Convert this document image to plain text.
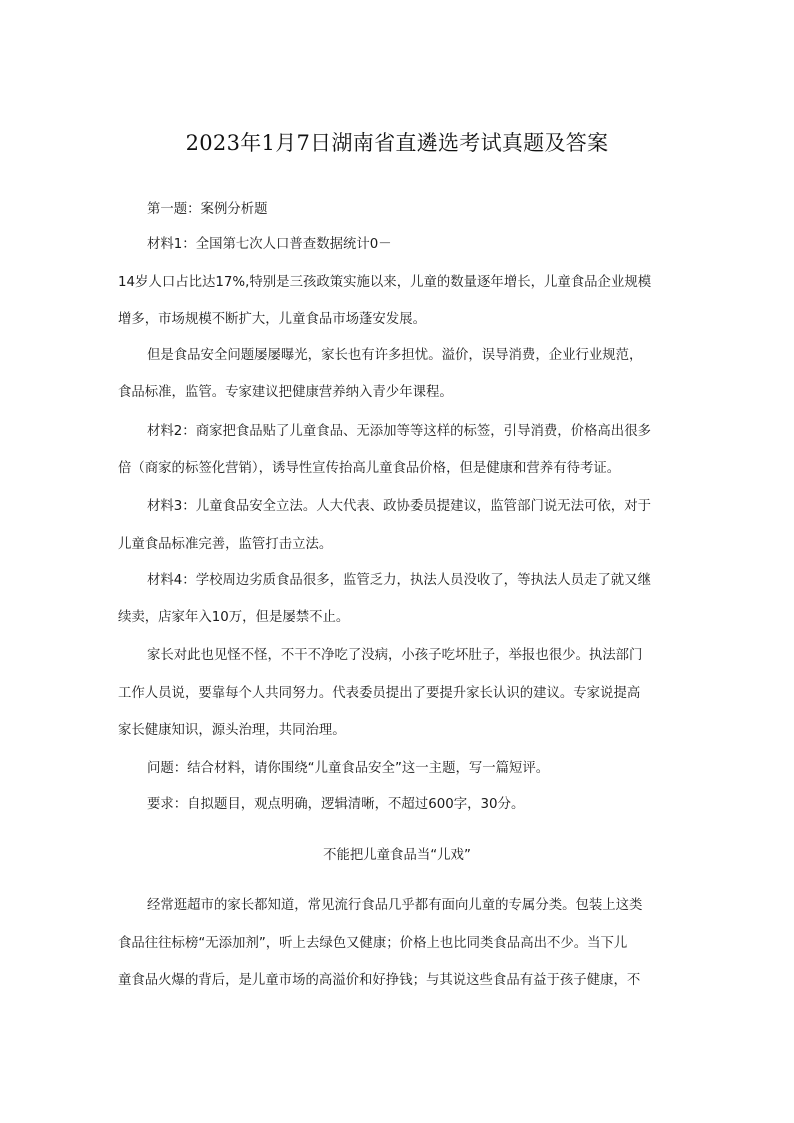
2023年1月7日湖南省直遴选考试真题及答案
第一题：案例分析题
材料1：全国第七次人口普查数据统计0－
14岁人口占比达17%,特别是三孩政策实施以来，儿童的数量逐年增长，儿童食品企业规模
增多，市场规模不断扩大，儿童食品市场蓬安发展。
但是食品安全问题屡屡曝光，家长也有许多担忧。溢价，误导消费，企业行业规范，
食品标准，监管。专家建议把健康营养纳入青少年课程。
材料2：商家把食品贴了儿童食品、无添加等等这样的标签，引导消费，价格高出很多
倍（商家的标签化营销），诱导性宣传抬高儿童食品价格，但是健康和营养有待考证。
材料3：儿童食品安全立法。人大代表、政协委员提建议，监管部门说无法可依，对于
儿童食品标准完善，监管打击立法。
材料4：学校周边劣质食品很多，监管乏力，执法人员没收了，等执法人员走了就又继
续卖，店家年入10万，但是屡禁不止。
家长对此也见怪不怪，不干不净吃了没病，小孩子吃坏肚子，举报也很少。执法部门
工作人员说，要靠每个人共同努力。代表委员提出了要提升家长认识的建议。专家说提高
家长健康知识，源头治理，共同治理。
问题：结合材料，请你围绕“儿童食品安全”这一主题，写一篇短评。
要求：自拟题目，观点明确，逻辑清晰，不超过600字，30分。
不能把儿童食品当“儿戏”
经常逛超市的家长都知道，常见流行食品几乎都有面向儿童的专属分类。包装上这类
食品往往标榜“无添加剂”，听上去绿色又健康；价格上也比同类食品高出不少。当下儿
童食品火爆的背后，是儿童市场的高溢价和好挣钱；与其说这些食品有益于孩子健康，不
